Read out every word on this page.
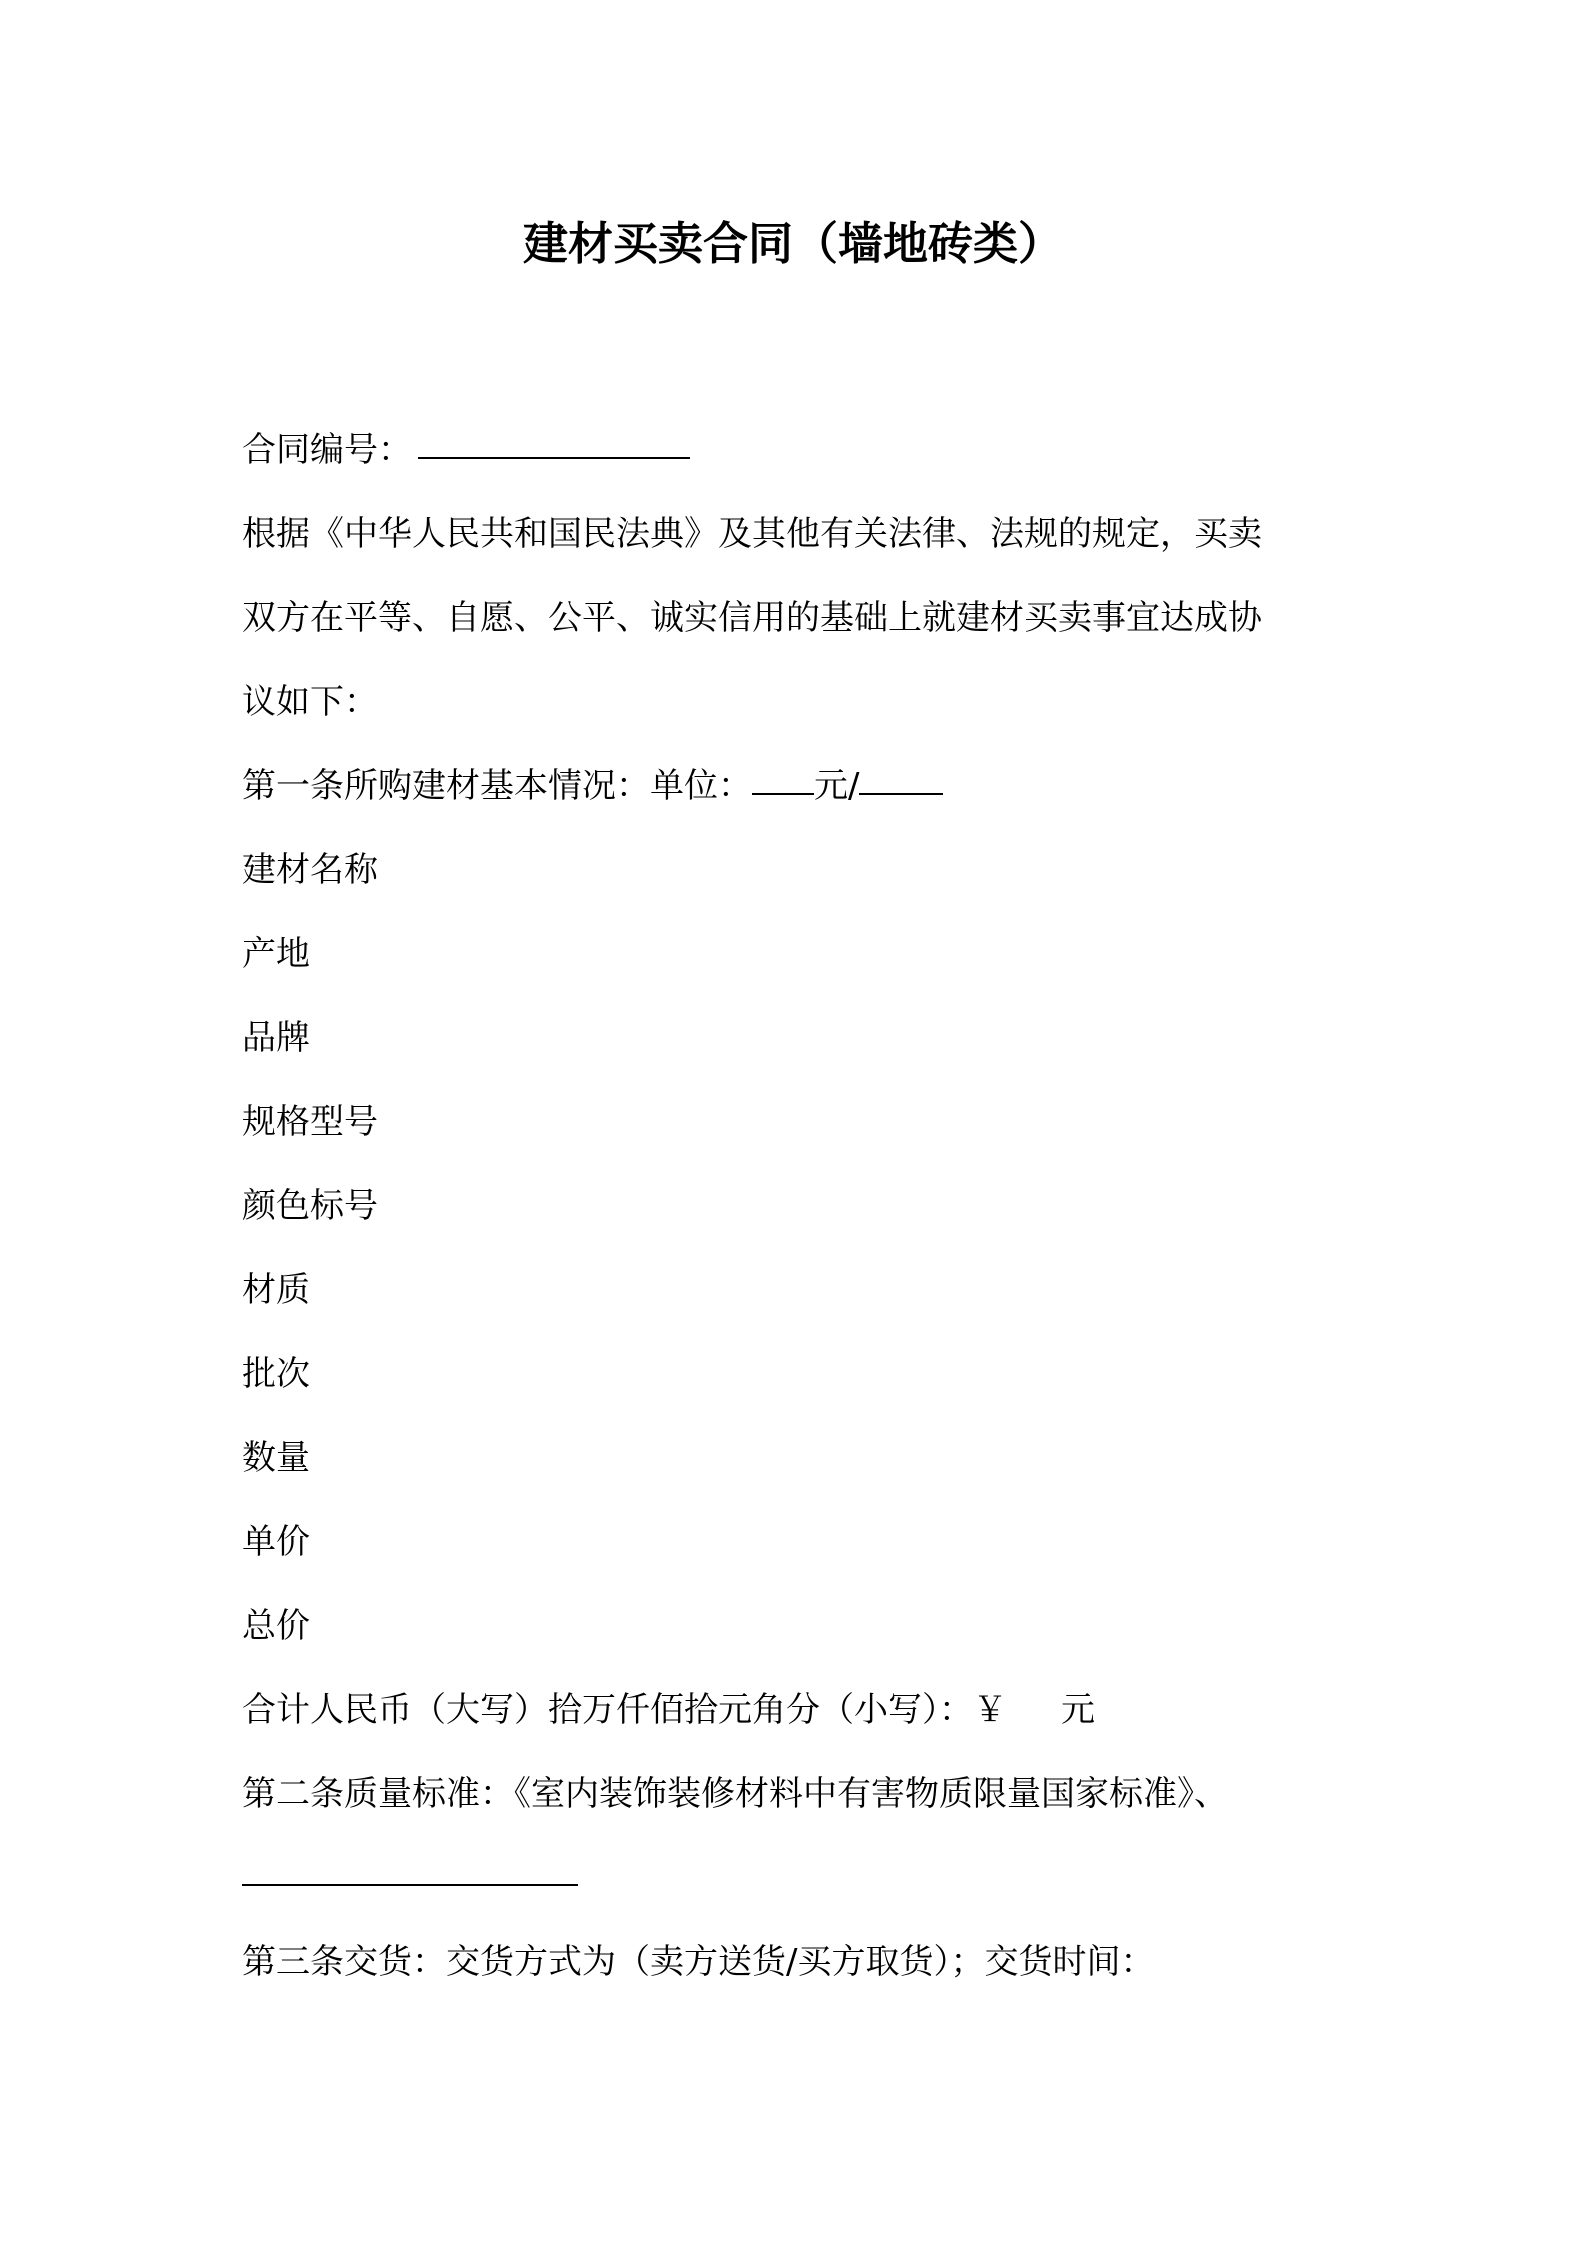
建材买卖合同（墙地砖类）
合同编号：
根据《中华人民共和国民法典》及其他有关法律、法规的规定，买卖
双方在平等、自愿、公平、诚实信用的基础上就建材买卖事宜达成协
议如下：
第一条所购建材基本情况：单位： 元/
建材名称
产地
品牌
规格型号
颜色标号
材质
批次
数量
单价
总价
合计人民币（大写）拾万仟佰拾元角分（小写）：￥ 元
第二条质量标准：《室内装饰装修材料中有害物质限量国家标准》、
第三条交货：交货方式为（卖方送货/买方取货）；交货时间：
